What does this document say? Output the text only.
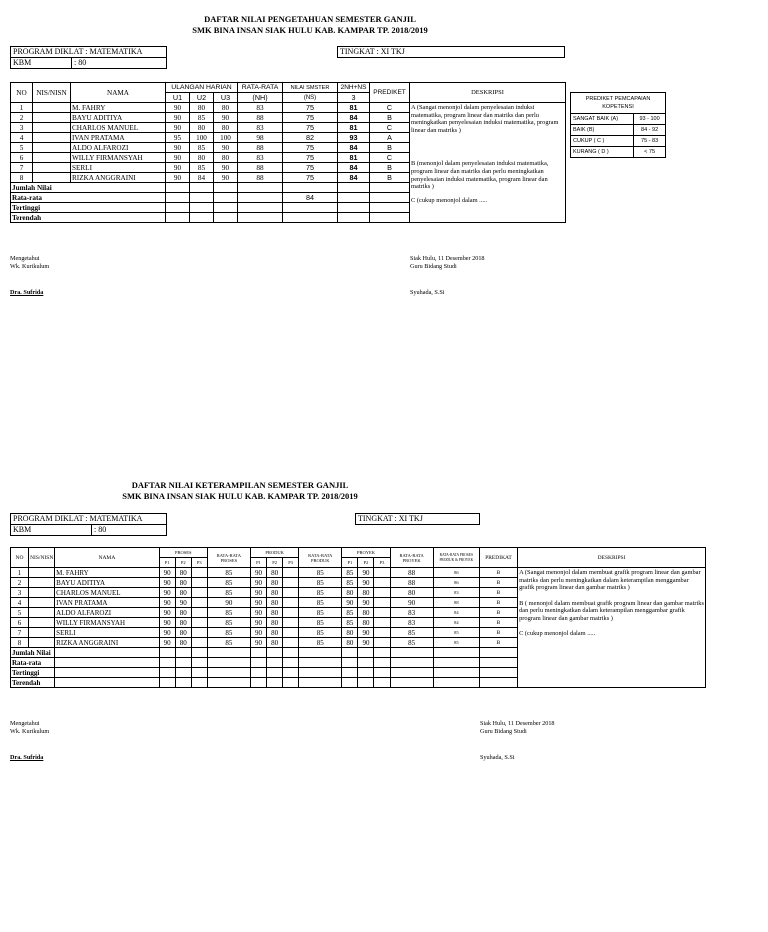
DAFTAR NILAI PENGETAHUAN SEMESTER GANJIL
SMK BINA INSAN SIAK HULU KAB. KAMPAR TP. 2018/2019
PROGRAM DIKLAT : MATEMATIKA
KBM	: 80
TINGKAT : XI TKJ
NO	NIS/NISN	NAMA	ULANGAN HARIAN			RATA-RATA	NILAI SMSTER	2NH+NS	PREDIKET	DESKRIPSI
			U1	U2	U3	(NH)	(NS)	3		
1		M. FAHRY	90	80	80	83	75	81	C	A (Sangat menonjol dalam penyelesaian induksi matematika, program linear dan matriks dan perlu meningkatkan penyelesaian induksi matematika, program linear dan matriks )
B (menonjol dalam penyelesaian induksi matematika, program linear dan matriks dan perlu meningkatkan penyelesaian induksi matematika, program linear dan matriks )
C (cukup menonjol dalam .....

2		BAYU ADITIYA	90	85	90	88	75	84	B	
3		CHARLOS MANUEL	90	80	80	83	75	81	C	
4		IVAN PRATAMA	95	100	100	98	82	93	A	
5		ALDO ALFAROZI	90	85	90	88	75	84	B	
6		WILLY FIRMANSYAH	90	80	80	83	75	81	C	
7		SERLI	90	85	90	88	75	84	B	
8		RIZKA ANGGRAINI	90	84	90	88	75	84	B	
Jumlah Nilai										
Rata-rata							84			
Tertinggi										
Terendah										
PREDIKET PEMCAPAIAN KOPETENSI	
SANGAT BAIK (A)	93 - 100
BAIK (B)	84 - 92
CUKUP ( C )	75 - 83
KURANG ( D )	< 75
Mengetahui
Wk. Kurikulum
Dra. Sufrida
Siak Hulu, 11 Desember 2018
Guru Bidang Studi
Syuhada, S.Si
DAFTAR NILAI KETERAMPILAN SEMESTER GANJIL
SMK BINA INSAN SIAK HULU KAB. KAMPAR TP. 2018/2019
PROGRAM DIKLAT : MATEMATIKA
KBM	: 80
TINGKAT : XI TKJ
NO	NIS/NISN	NAMA	PROSES			RATA-RATA PROSES	PRODUK			RATA-RATA PRODUK	PROYEK			RATA-RATA PROYEK	RATA-RATA PROSES PRODUK & PROYEK	PREDIKAT	DESKRIPSI
			P1	P2	P3		P1	P2	P3		P1	P2	P3				
1		M. FAHRY	90	80		85	90	80		85	85	90		88	86	B	A (Sangat menonjol dalam membuat grafik program linear dan gambar matriks dan perlu meningkatkan dalam keterampilan menggambar grafik program linear dan gambar matriks )
B ( menonjol dalam membuat grafik program linear dan gambar matriks dan perlu meningkatkan dalam keterampilan menggambar grafik program linear dan gambar matriks )
C (cukup menonjol dalam .....

2		BAYU ADITIYA	90	80		85	90	80		85	85	90		88	86	B	
3		CHARLOS MANUEL	90	80		85	90	80		85	80	80		80	83	B	
4		IVAN PRATAMA	90	90		90	90	80		85	90	90		90	88	B	
5		ALDO ALFAROZI	90	80		85	90	80		85	85	80		83	84	B	
6		WILLY FIRMANSYAH	90	80		85	90	80		85	85	80		83	84	B	
7		SERLI	90	80		85	90	80		85	80	90		85	85	B	
8		RIZKA ANGGRAINI	90	80		85	90	80		85	80	90		85	85	B	
Jumlah Nilai																	
Rata-rata																	
Tertinggi																	
Terendah																	
Mengetahui
Wk. Kurikulum
Dra. Sufrida
Siak Hulu, 11 Desember 2018
Guru Bidang Studi
Syuhada, S.Si
